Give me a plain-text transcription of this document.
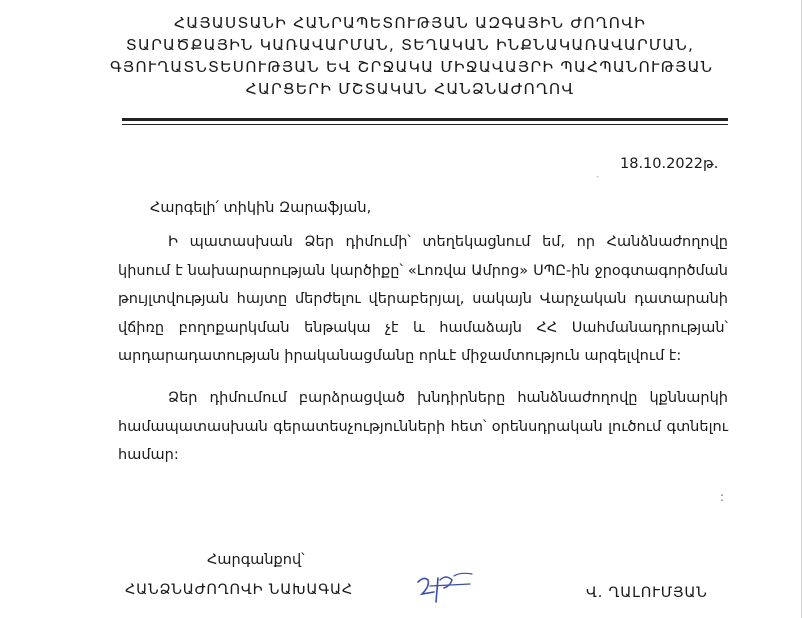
ՀԱՅԱՍՏԱՆԻ ՀԱՆՐԱՊԵՏՈՒԹՅԱՆ ԱԶԳԱՅԻՆ ԺՈՂՈՎԻ
ՏԱՐԱԾՔԱՅԻՆ ԿԱՌԱՎԱՐՄԱՆ, ՏԵՂԱԿԱՆ ԻՆՔՆԱԿԱՌԱՎԱՐՄԱՆ,
ԳՅՈՒՂԱՏՆՏԵՍՈՒԹՅԱՆ ԵՎ ՇՐՋԱԿԱ ՄԻՋԱՎԱՅՐԻ ՊԱՀՊԱՆՈՒԹՅԱՆ
ՀԱՐՑԵՐԻ ՄՇՏԱԿԱՆ ՀԱՆՁՆԱԺՈՂՈՎ
18.10.2022թ.
-
Հարգելի՛ տիկին Զարաֆյան,
Ի պատասխան Ձեր դիմումի՝ տեղեկացնում եմ, որ Հանձնաժողովը կիսում է նախարարության կարծիքը՝ «Լոռվա Ամրոց» ՍՊԸ-ին ջրօգտագործման թույլտվության հայտը մերժելու վերաբերյալ, սակայն Վարչական դատարանի վճիռը բողոքարկման ենթակա չէ և համաձայն ՀՀ Սահմանադրության՝ արդարադատության իրականացմանը որևէ միջամտություն արգելվում է:
Ձեր դիմումում բարձրացված խնդիրները հանձնաժողովը կքննարկի համապատասխան գերատեսչությունների հետ՝ օրենսդրական լուծում գտնելու համար:
:
Հարգանքով՝
ՀԱՆՁՆԱԺՈՂՈՎԻ ՆԱԽԱԳԱՀ	Վ. ՂԱԼՈՒՄՅԱՆ
